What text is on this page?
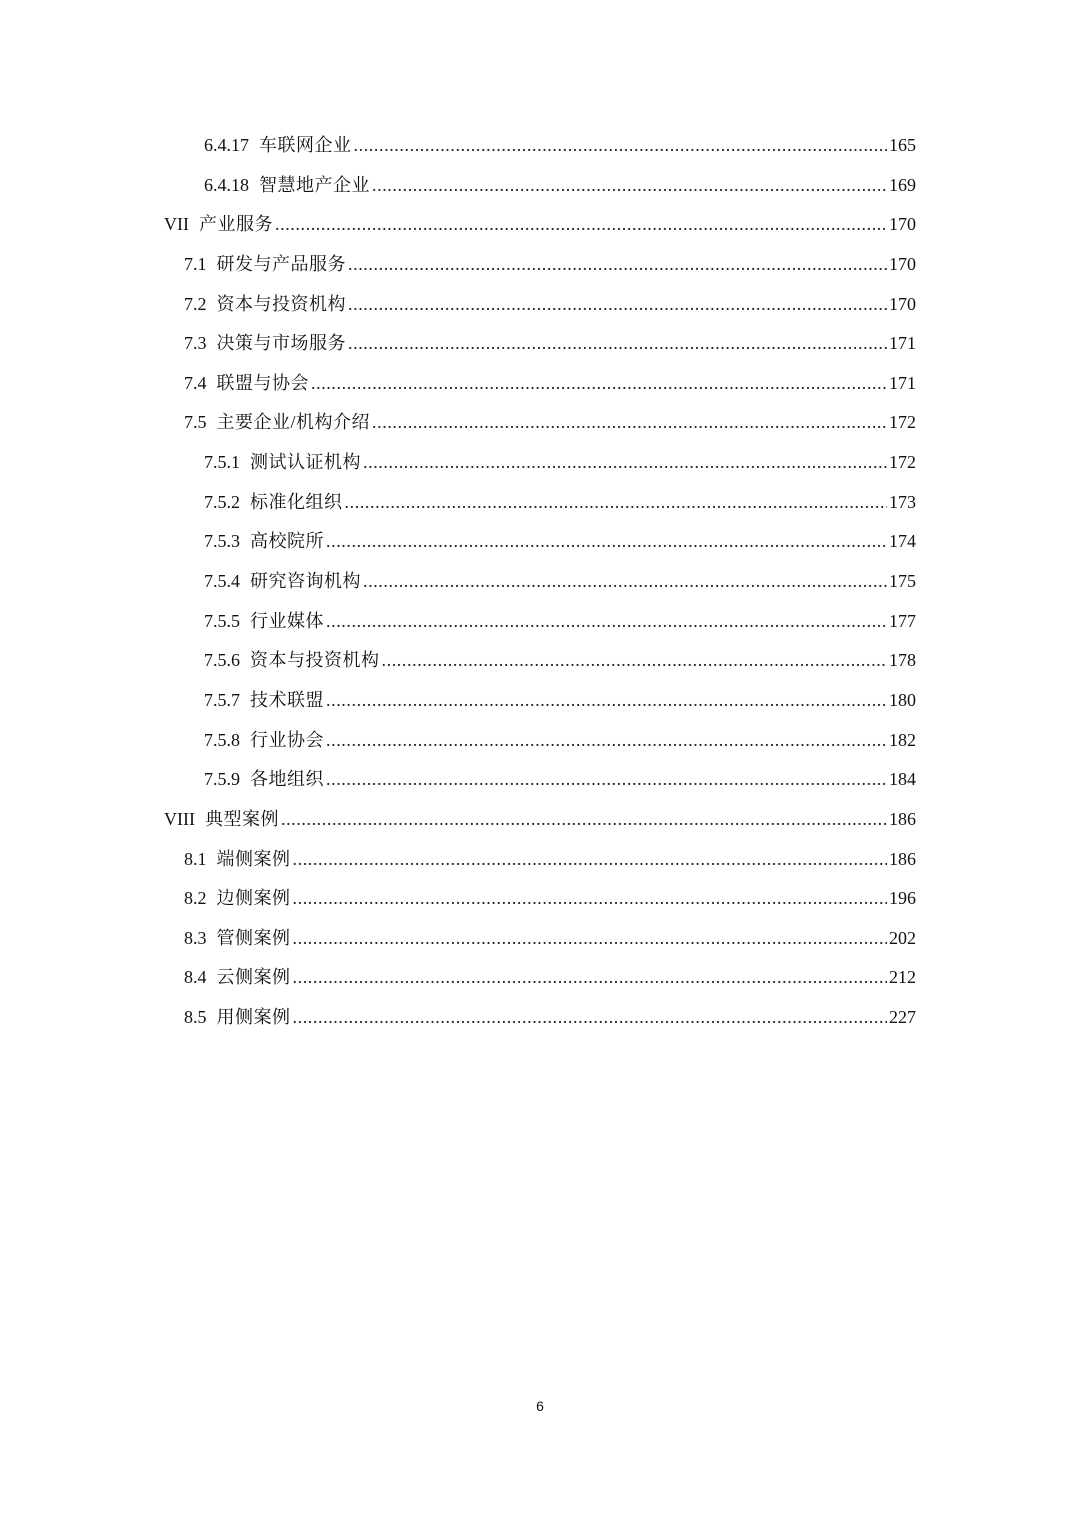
6.4.17 车联网企业 .....	165
6.4.18 智慧地产企业 .....	169
VII 产业服务 .....	170
7.1 研发与产品服务 .....	170
7.2 资本与投资机构 .....	170
7.3 决策与市场服务 .....	171
7.4 联盟与协会 .....	171
7.5 主要企业/机构介绍 .....	172
7.5.1 测试认证机构 .....	172
7.5.2 标准化组织 .....	173
7.5.3 高校院所 .....	174
7.5.4 研究咨询机构 .....	175
7.5.5 行业媒体 .....	177
7.5.6 资本与投资机构 .....	178
7.5.7 技术联盟 .....	180
7.5.8 行业协会 .....	182
7.5.9 各地组织 .....	184
VIII 典型案例 .....	186
8.1 端侧案例 .....	186
8.2 边侧案例 .....	196
8.3 管侧案例 .....	202
8.4 云侧案例 .....	212
8.5 用侧案例 .....	227
6
